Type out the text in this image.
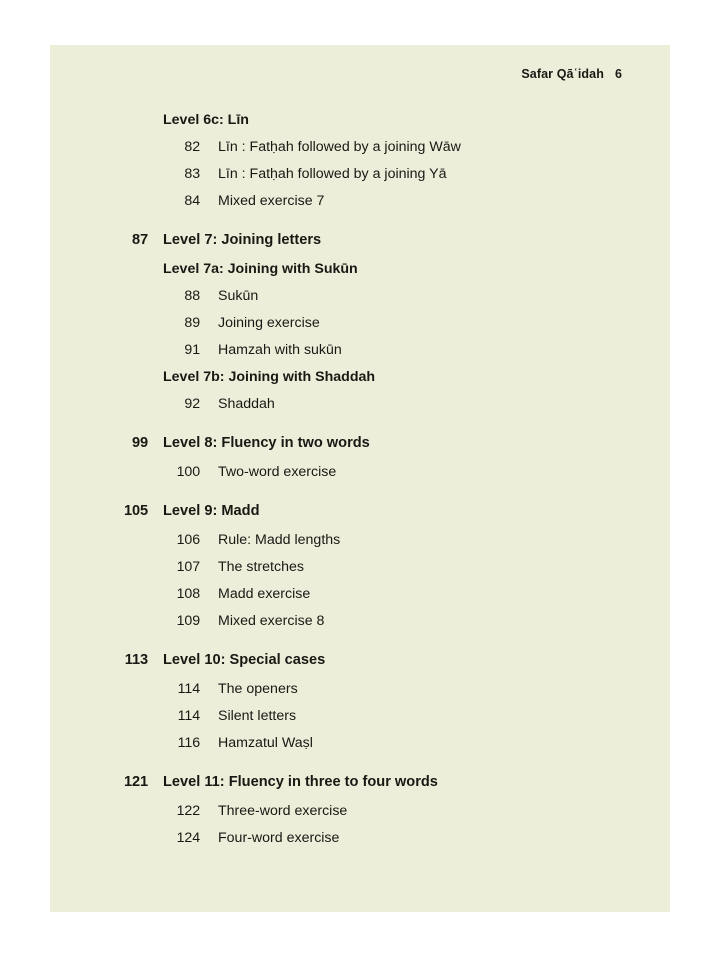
Safar Qāʿidah 6
Level 6c: Līn
82	Līn : Fatḥah followed by a joining Wāw
83	Līn : Fatḥah followed by a joining Yā
84	Mixed exercise 7
87	Level 7: Joining letters
Level 7a: Joining with Sukūn
88	Sukūn
89	Joining exercise
91	Hamzah with sukūn
Level 7b: Joining with Shaddah
92	Shaddah
99	Level 8: Fluency in two words
100	Two-word exercise
105	Level 9: Madd
106	Rule: Madd lengths
107	The stretches
108	Madd exercise
109	Mixed exercise 8
113	Level 10: Special cases
114	The openers
114	Silent letters
116	Hamzatul Waṣl
121	Level 11: Fluency in three to four words
122	Three-word exercise
124	Four-word exercise
